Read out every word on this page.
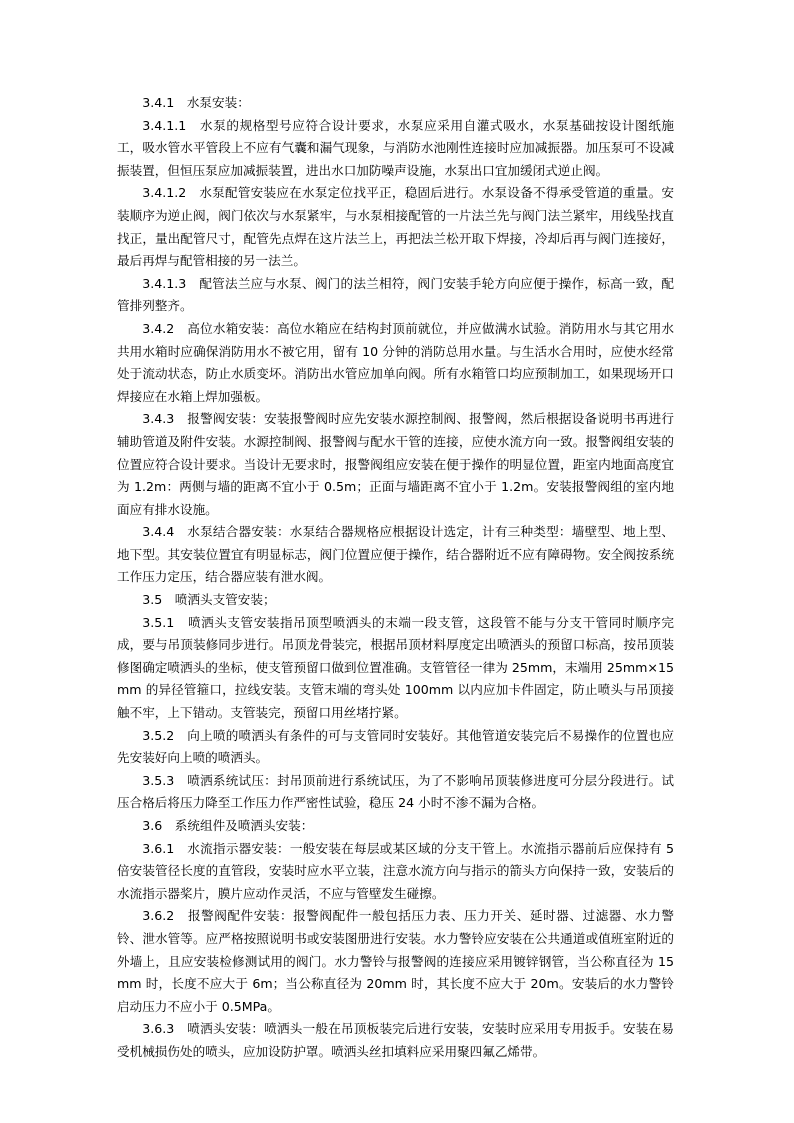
3.4.1　水泵安装：

3.4.1.1　水泵的规格型号应符合设计要求，水泵应采用自灌式吸水，水泵基础按设计图纸施工，吸水管水平管段上不应有气囊和漏气现象，与消防水池刚性连接时应加减振器。加压泵可不设减振装置，但恒压泵应加减振装置，进出水口加防噪声设施，水泵出口宜加缓闭式逆止阀。

3.4.1.2　水泵配管安装应在水泵定位找平正，稳固后进行。水泵设备不得承受管道的重量。安装顺序为逆止阀，阀门依次与水泵紧牢，与水泵相接配管的一片法兰先与阀门法兰紧牢，用线坠找直找正，量出配管尺寸，配管先点焊在这片法兰上，再把法兰松开取下焊接，冷却后再与阀门连接好，最后再焊与配管相接的另一法兰。

3.4.1.3　配管法兰应与水泵、阀门的法兰相符，阀门安装手轮方向应便于操作，标高一致，配管排列整齐。

3.4.2　高位水箱安装：高位水箱应在结构封顶前就位，并应做满水试验。消防用水与其它用水共用水箱时应确保消防用水不被它用，留有 10 分钟的消防总用水量。与生活水合用时，应使水经常处于流动状态，防止水质变坏。消防出水管应加单向阀。所有水箱管口均应预制加工，如果现场开口焊接应在水箱上焊加强板。

3.4.3　报警阀安装：安装报警阀时应先安装水源控制阀、报警阀，然后根据设备说明书再进行辅助管道及附件安装。水源控制阀、报警阀与配水干管的连接，应使水流方向一致。报警阀组安装的位置应符合设计要求。当设计无要求时，报警阀组应安装在便于操作的明显位置，距室内地面高度宜为 1.2m：两侧与墙的距离不宜小于 0.5m；正面与墙距离不宜小于 1.2m。安装报警阀组的室内地面应有排水设施。

3.4.4　水泵结合器安装：水泵结合器规格应根据设计选定，计有三种类型：墙壁型、地上型、地下型。其安装位置宜有明显标志，阀门位置应便于操作，结合器附近不应有障碍物。安全阀按系统工作压力定压，结合器应装有泄水阀。

3.5　喷洒头支管安装；

3.5.1　喷洒头支管安装指吊顶型喷洒头的末端一段支管，这段管不能与分支干管同时顺序完成，要与吊顶装修同步进行。吊顶龙骨装完，根据吊顶材料厚度定出喷洒头的预留口标高，按吊顶装修图确定喷洒头的坐标，使支管预留口做到位置准确。支管管径一律为 25mm，末端用 25mm×15mm 的异径管箍口，拉线安装。支管末端的弯头处 100mm 以内应加卡件固定，防止喷头与吊顶接触不牢，上下错动。支管装完，预留口用丝堵拧紧。

3.5.2　向上喷的喷洒头有条件的可与支管同时安装好。其他管道安装完后不易操作的位置也应先安装好向上喷的喷洒头。

3.5.3　喷洒系统试压：封吊顶前进行系统试压，为了不影响吊顶装修进度可分层分段进行。试压合格后将压力降至工作压力作严密性试验，稳压 24 小时不渗不漏为合格。

3.6　系统组件及喷洒头安装：

3.6.1　水流指示器安装：一般安装在每层或某区域的分支干管上。水流指示器前后应保持有 5 倍安装管径长度的直管段，安装时应水平立装，注意水流方向与指示的箭头方向保持一致，安装后的水流指示器桨片，膜片应动作灵活，不应与管壁发生碰擦。

3.6.2　报警阀配件安装：报警阀配件一般包括压力表、压力开关、延时器、过滤器、水力警铃、泄水管等。应严格按照说明书或安装图册进行安装。水力警铃应安装在公共通道或值班室附近的外墙上，且应安装检修测试用的阀门。水力警铃与报警阀的连接应采用镀锌钢管，当公称直径为 15mm 时，长度不应大于 6m；当公称直径为 20mm 时，其长度不应大于 20m。安装后的水力警铃启动压力不应小于 0.5MPa。

3.6.3　喷洒头安装：喷洒头一般在吊顶板装完后进行安装，安装时应采用专用扳手。安装在易受机械损伤处的喷头，应加设防护罩。喷洒头丝扣填料应采用聚四氟乙烯带。
